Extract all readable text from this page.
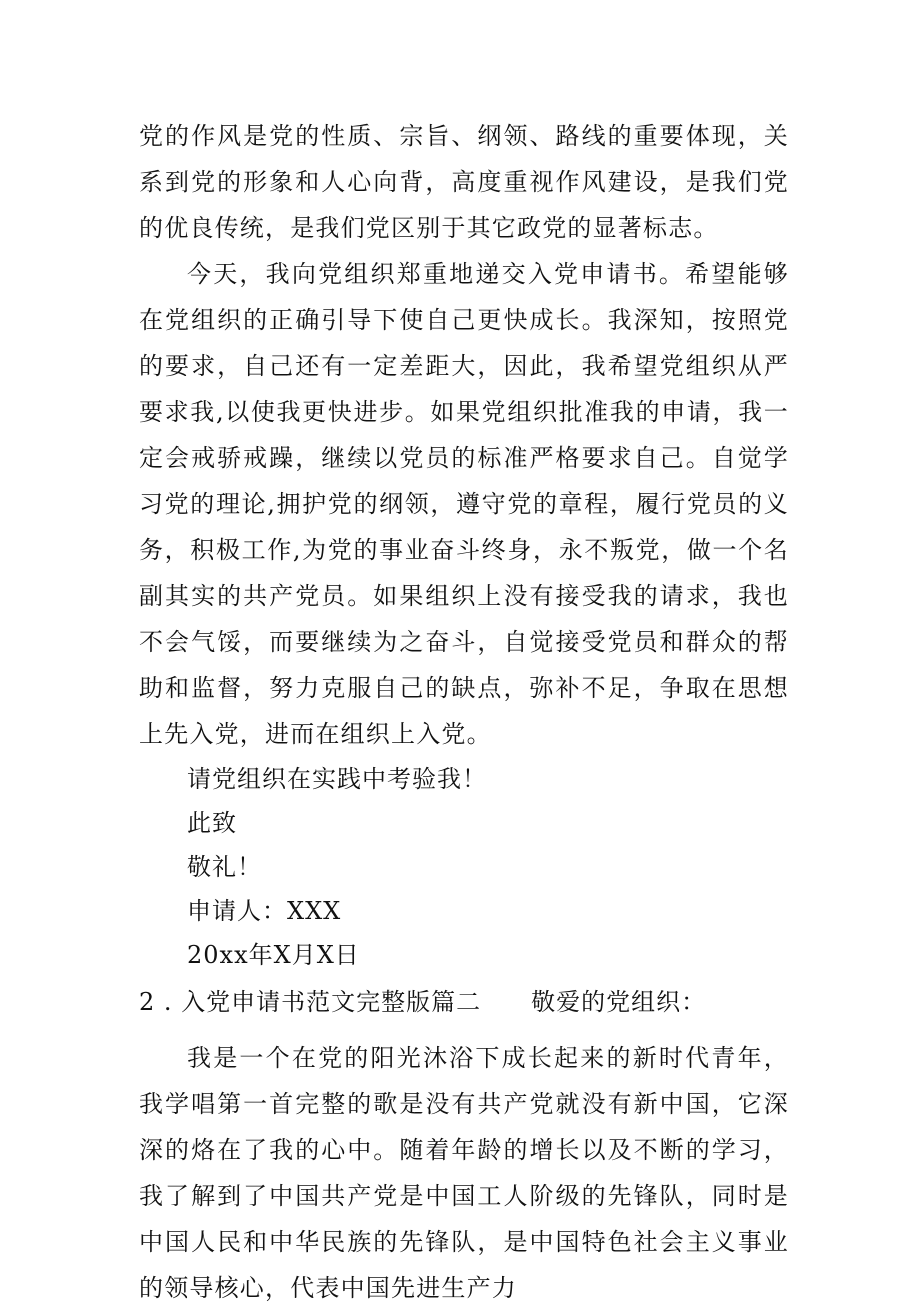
党的作风是党的性质、宗旨、纲领、路线的重要体现，关系到党的形象和人心向背，高度重视作风建设，是我们党的优良传统，是我们党区别于其它政党的显著标志。

今天，我向党组织郑重地递交入党申请书。希望能够在党组织的正确引导下使自己更快成长。我深知，按照党的要求，自己还有一定差距大，因此，我希望党组织从严要求我,以使我更快进步。如果党组织批准我的申请，我一定会戒骄戒躁，继续以党员的标准严格要求自己。自觉学习党的理论,拥护党的纲领，遵守党的章程，履行党员的义务，积极工作,为党的事业奋斗终身，永不叛党，做一个名副其实的共产党员。如果组织上没有接受我的请求，我也不会气馁，而要继续为之奋斗，自觉接受党员和群众的帮助和监督，努力克服自己的缺点，弥补不足，争取在思想上先入党，进而在组织上入党。

请党组织在实践中考验我！

此致

敬礼！

申请人：XXX

20xx年X月X日

2 . 入党申请书范文完整版篇二 敬爱的党组织：

我是一个在党的阳光沐浴下成长起来的新时代青年，我学唱第一首完整的歌是没有共产党就没有新中国，它深深的烙在了我的心中。随着年龄的增长以及不断的学习，我了解到了中国共产党是中国工人阶级的先锋队，同时是中国人民和中华民族的先锋队，是中国特色社会主义事业的领导核心，代表中国先进生产力
